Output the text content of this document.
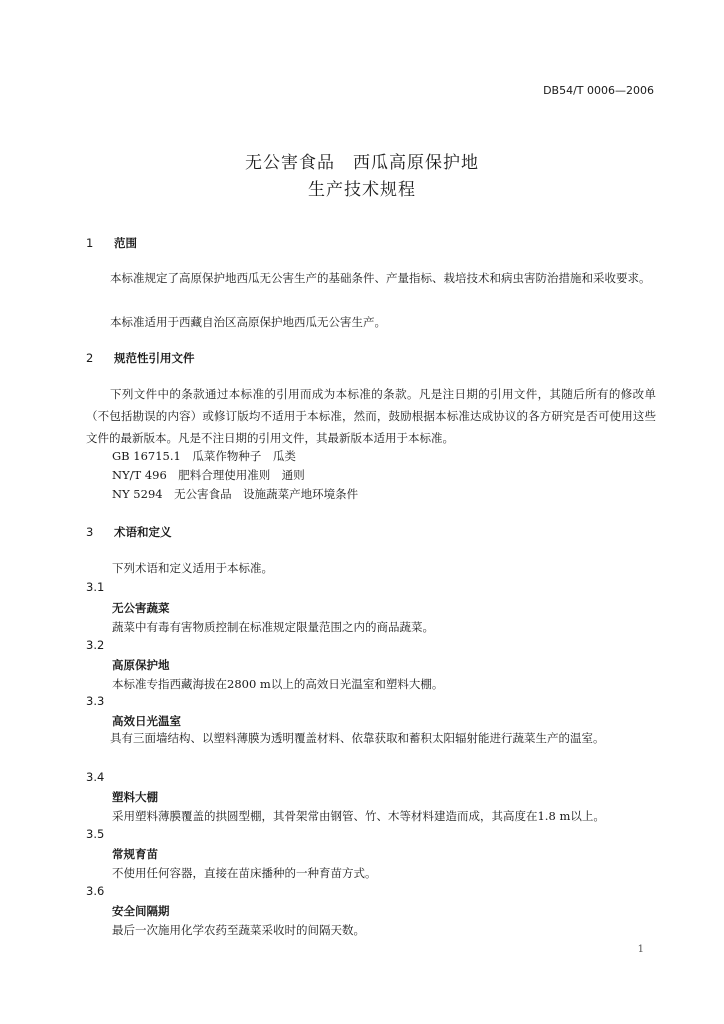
DB54/T 0006—2006
无公害食品　西瓜高原保护地
生产技术规程
1 范围
本标准规定了高原保护地西瓜无公害生产的基础条件、产量指标、栽培技术和病虫害防治措施和采收要求。
本标准适用于西藏自治区高原保护地西瓜无公害生产。
2 规范性引用文件
下列文件中的条款通过本标准的引用而成为本标准的条款。凡是注日期的引用文件，其随后所有的修改单（不包括勘误的内容）或修订版均不适用于本标准，然而，鼓励根据本标准达成协议的各方研究是否可使用这些文件的最新版本。凡是不注日期的引用文件，其最新版本适用于本标准。
GB 16715.1　瓜菜作物种子　瓜类
NY/T 496　肥料合理使用准则　通则
NY 5294　无公害食品　设施蔬菜产地环境条件
3 术语和定义
下列术语和定义适用于本标准。
3.1
无公害蔬菜
蔬菜中有毒有害物质控制在标准规定限量范围之内的商品蔬菜。
3.2
高原保护地
本标准专指西藏海拔在2800 m以上的高效日光温室和塑料大棚。
3.3
高效日光温室
具有三面墙结构、以塑料薄膜为透明覆盖材料、依靠获取和蓄积太阳辐射能进行蔬菜生产的温室。
3.4
塑料大棚
采用塑料薄膜覆盖的拱圆型棚，其骨架常由钢管、竹、木等材料建造而成，其高度在1.8 m以上。
3.5
常规育苗
不使用任何容器，直接在苗床播种的一种育苗方式。
3.6
安全间隔期
最后一次施用化学农药至蔬菜采收时的间隔天数。
1
